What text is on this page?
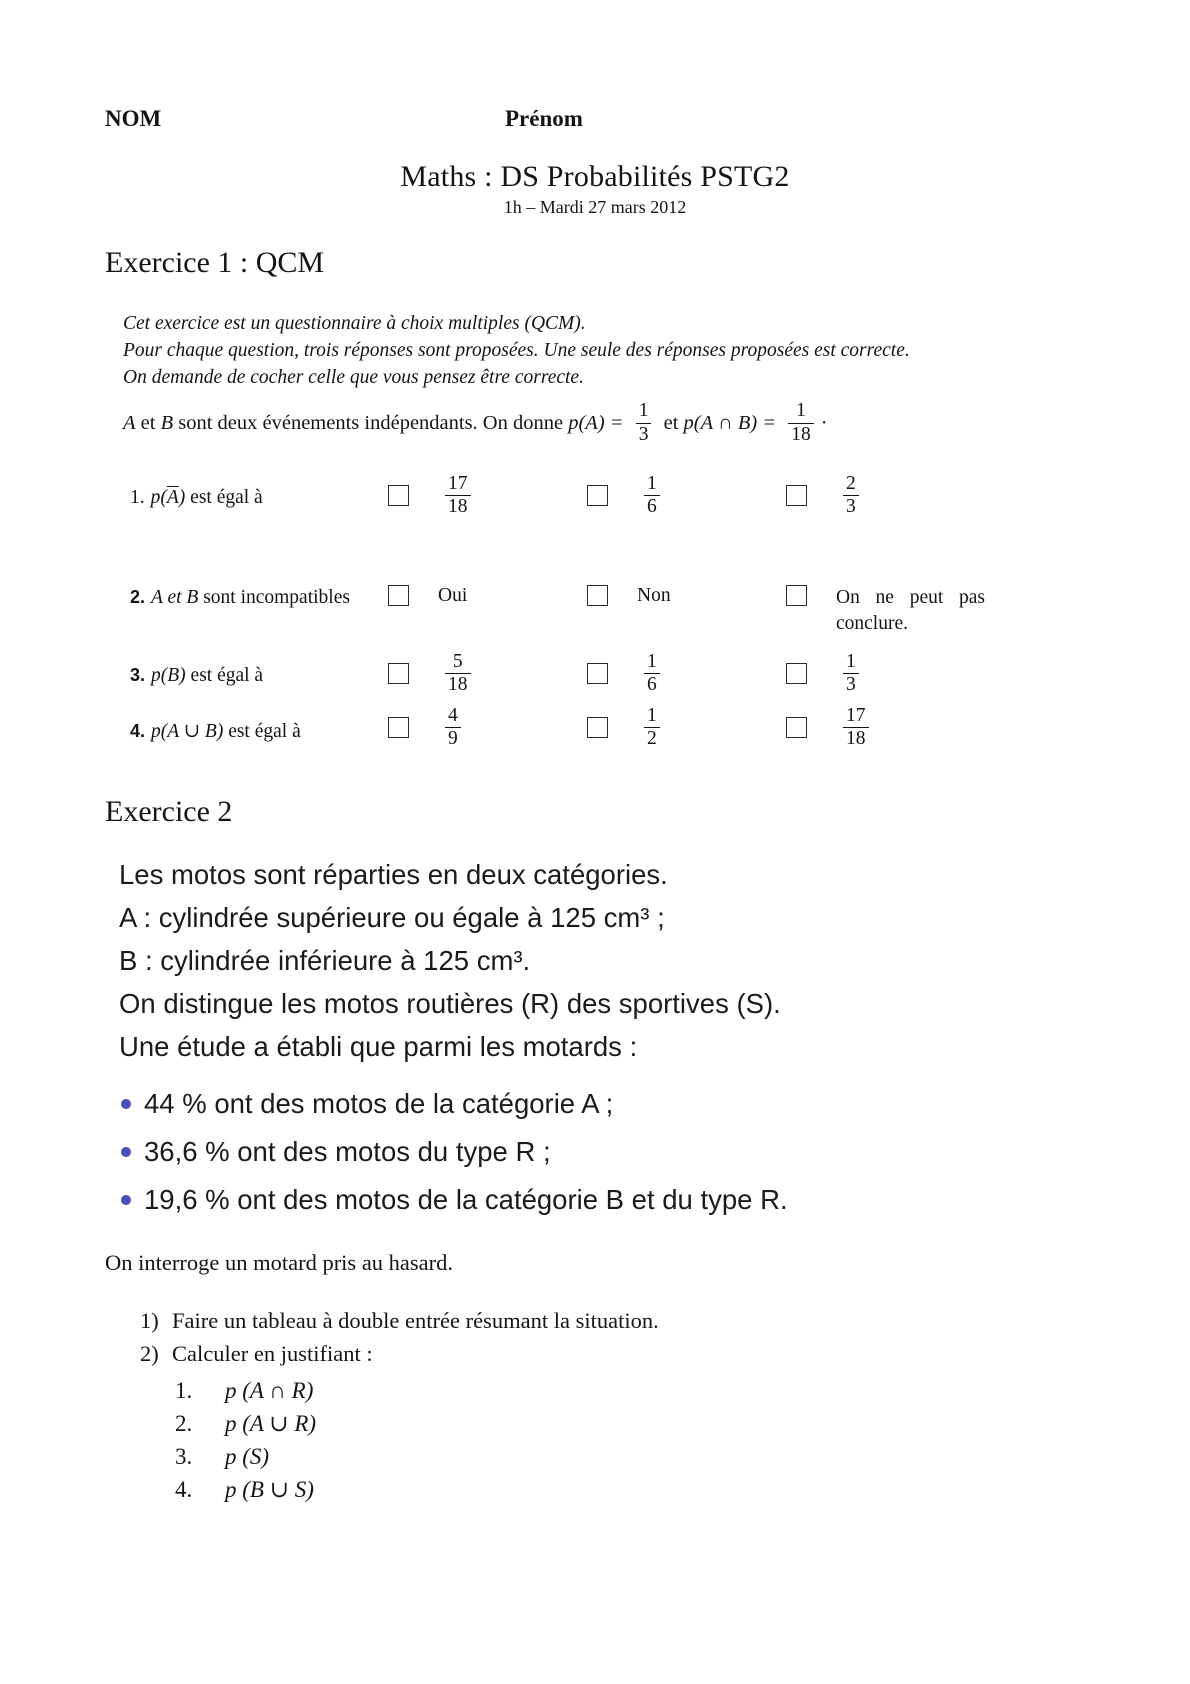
NOM	Prénom
Maths : DS Probabilités PSTG2
1h – Mardi 27 mars 2012
Exercice 1 : QCM
Cet exercice est un questionnaire à choix multiples (QCM).
Pour chaque question, trois réponses sont proposées. Une seule des réponses proposées est correcte.
On demande de cocher celle que vous pensez être correcte.
A et B sont deux événements indépendants. On donne $p(A) = \frac{1}{3}$ et p(A ∩ $B) = \frac{1}{18}$ ·
1. $p(\overline{A})$ est égal à	$\frac{17}{18}$	$\frac{1}{6}$	$\frac{2}{3}$
2. A et B sont incompatibles	Oui	Non	On ne peut pas conclure.
3. p(B) est égal à	$\frac{5}{18}$	$\frac{1}{6}$	$\frac{1}{3}$
4. p(A ∪ B) est égal à	$\frac{4}{9}$	$\frac{1}{2}$	$\frac{17}{18}$
Exercice 2
Les motos sont réparties en deux catégories.
A : cylindrée supérieure ou égale à 125 cm³ ;
B : cylindrée inférieure à 125 cm³.
On distingue les motos routières (R) des sportives (S).
Une étude a établi que parmi les motards :
44 % ont des motos de la catégorie A ;
36,6 % ont des motos du type R ;
19,6 % ont des motos de la catégorie B et du type R.
On interroge un motard pris au hasard.
1) Faire un tableau à double entrée résumant la situation.
2) Calculer en justifiant :
1.	p (A ∩ R)
2.	p (A ∪ R)
3.	p (S)
4.	p (B ∪ S)
